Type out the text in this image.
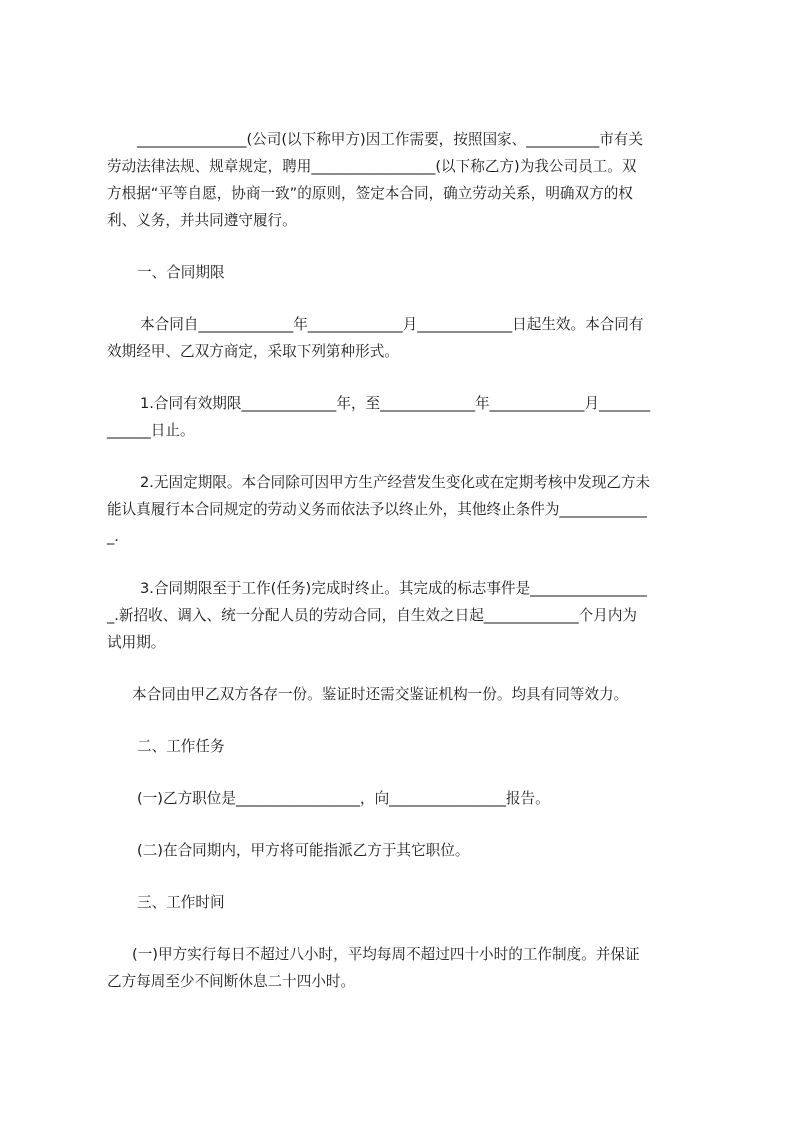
_______________(公司(以下称甲方)因工作需要，按照国家、__________市有关
劳动法律法规、规章规定，聘用_________________(以下称乙方)为我公司员工。双
方根据“平等自愿，协商一致”的原则，签定本合同，确立劳动关系，明确双方的权
利、义务，并共同遵守履行。

一、合同期限

本合同自_____________年_____________月_____________日起生效。本合同有
效期经甲、乙双方商定，采取下列第种形式。

1.合同有效期限_____________年，至_____________年_____________月_______
______日止。

2.无固定期限。本合同除可因甲方生产经营发生变化或在定期考核中发现乙方未
能认真履行本合同规定的劳动义务而依法予以终止外，其他终止条件为____________
_.

3.合同期限至于工作(任务)完成时终止。其完成的标志事件是________________
_.新招收、调入、统一分配人员的劳动合同，自生效之日起_____________个月内为
试用期。

本合同由甲乙双方各存一份。鉴证时还需交鉴证机构一份。均具有同等效力。

二、工作任务

(一)乙方职位是_________________，向________________报告。

(二)在合同期内，甲方将可能指派乙方于其它职位。

三、工作时间

(一)甲方实行每日不超过八小时，平均每周不超过四十小时的工作制度。并保证
乙方每周至少不间断休息二十四小时。
